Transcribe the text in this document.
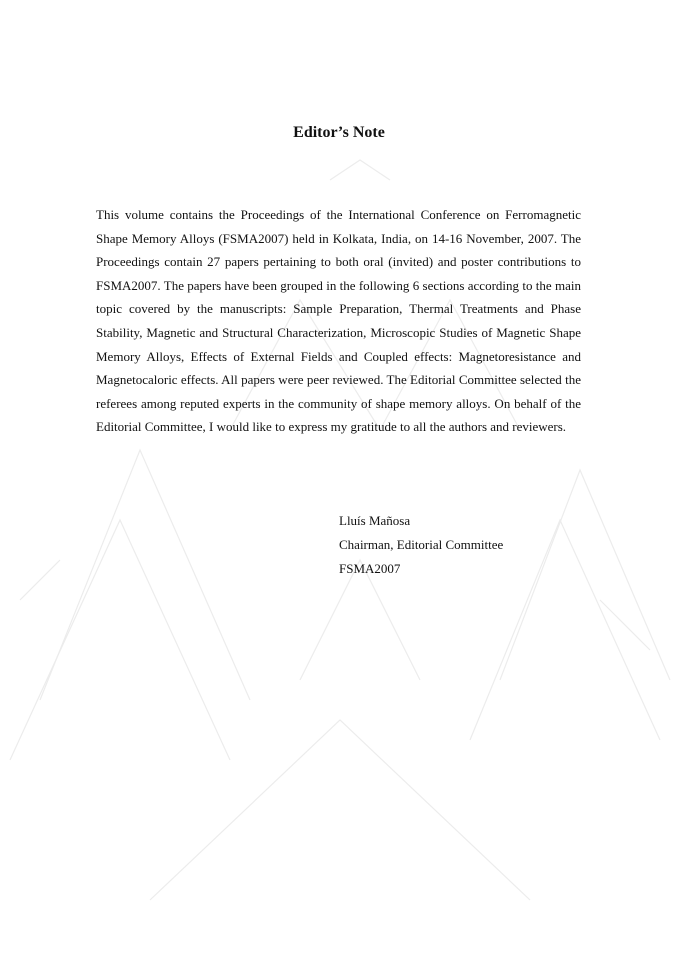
Editor’s Note

This volume contains the Proceedings of the International Conference on Ferromagnetic Shape Memory Alloys (FSMA2007) held in Kolkata, India, on 14-16 November, 2007. The Proceedings contain 27 papers pertaining to both oral (invited) and poster contributions to FSMA2007. The papers have been grouped in the following 6 sections according to the main topic covered by the manuscripts: Sample Preparation, Thermal Treatments and Phase Stability, Magnetic and Structural Characterization, Microscopic Studies of Magnetic Shape Memory Alloys, Effects of External Fields and Coupled effects: Magnetoresistance and Magnetocaloric effects. All papers were peer reviewed. The Editorial Committee selected the referees among reputed experts in the community of shape memory alloys. On behalf of the Editorial Committee, I would like to express my gratitude to all the authors and reviewers.

Lluís Mañosa
Chairman, Editorial Committee
FSMA2007
